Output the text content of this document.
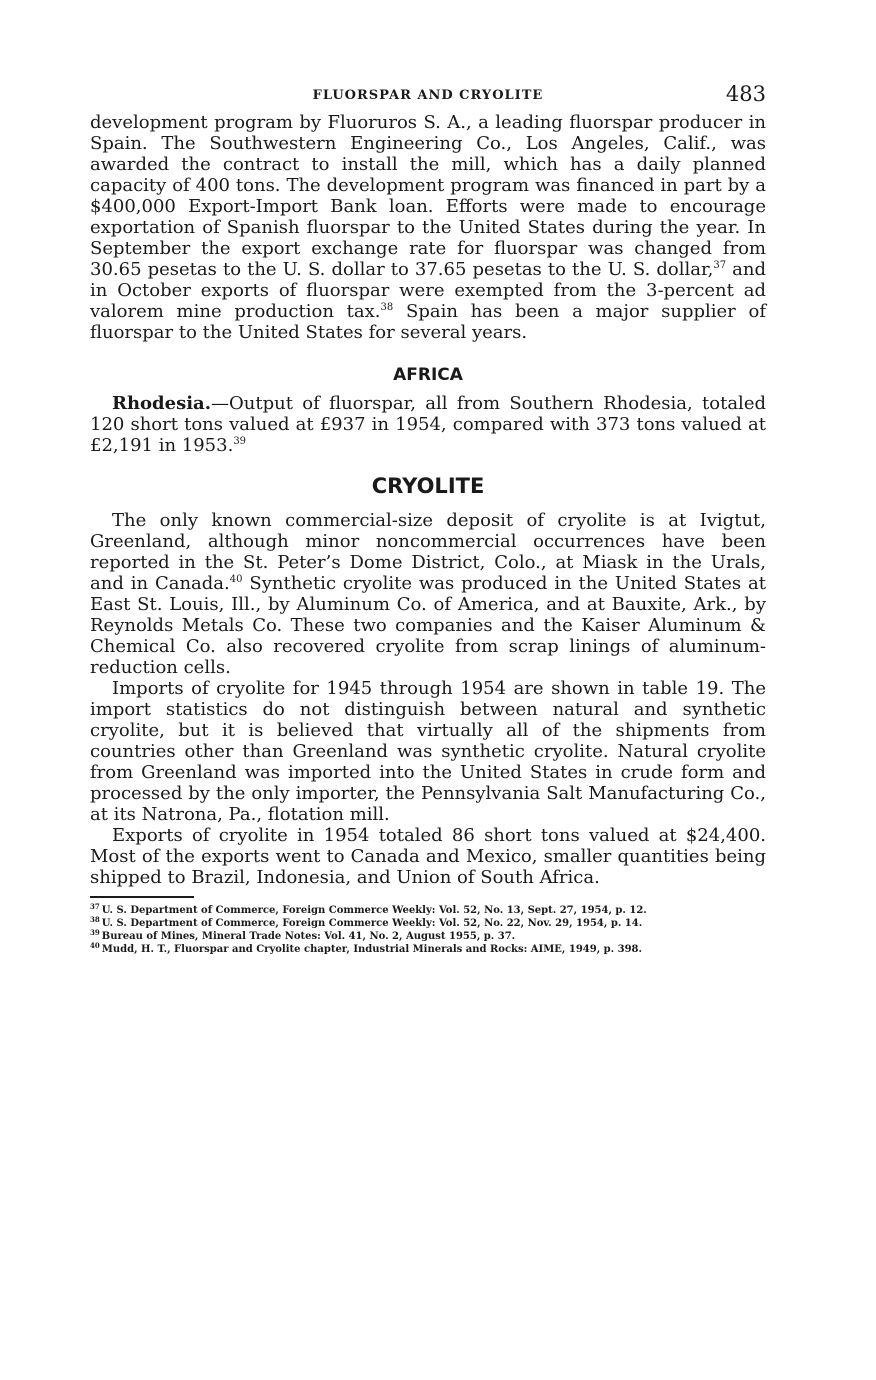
FLUORSPAR AND CRYOLITE	483

development program by Fluoruros S. A., a leading fluorspar producer in Spain. The Southwestern Engineering Co., Los Angeles, Calif., was awarded the contract to install the mill, which has a daily planned capacity of 400 tons. The development program was financed in part by a $400,000 Export-Import Bank loan. Efforts were made to encourage exportation of Spanish fluorspar to the United States during the year. In September the export exchange rate for fluorspar was changed from 30.65 pesetas to the U. S. dollar to 37.65 pesetas to the U. S. dollar,$^{37}$ and in October exports of fluorspar were exempted from the 3-percent ad valorem mine production tax.$^{38}$ Spain has been a major supplier of fluorspar to the United States for several years.

AFRICA

Rhodesia.—Output of fluorspar, all from Southern Rhodesia, totaled 120 short tons valued at £937 in 1954, compared with 373 tons valued at £2,191 in 1953.39

CRYOLITE

The only known commercial-size deposit of cryolite is at Ivigtut, Greenland, although minor noncommercial occurrences have been reported in the St. Peter’s Dome District, Colo., at Miask in the Urals, and in Canada.$^{40}$ Synthetic cryolite was produced in the United States at East St. Louis, Ill., by Aluminum Co. of America, and at Bauxite, Ark., by Reynolds Metals Co. These two companies and the Kaiser Aluminum & Chemical Co. also recovered cryolite from scrap linings of aluminum-reduction cells.

Imports of cryolite for 1945 through 1954 are shown in table 19. The import statistics do not distinguish between natural and synthetic cryolite, but it is believed that virtually all of the shipments from countries other than Greenland was synthetic cryolite. Natural cryolite from Greenland was imported into the United States in crude form and processed by the only importer, the Pennsylvania Salt Manufacturing Co., at its Natrona, Pa., flotation mill.

Exports of cryolite in 1954 totaled 86 short tons valued at $24,400. Most of the exports went to Canada and Mexico, smaller quantities being shipped to Brazil, Indonesia, and Union of South Africa.

$^{37}$ U. S. Department of Commerce, Foreign Commerce Weekly: Vol. 52, No. 13, Sept. 27, 1954, p. 12.
$^{38}$ U. S. Department of Commerce, Foreign Commerce Weekly: Vol. 52, No. 22, Nov. 29, 1954, p. 14.
$^{39}$ Bureau of Mines, Mineral Trade Notes: Vol. 41, No. 2, August 1955, p. 37.
$^{40}$ Mudd, H. T., Fluorspar and Cryolite chapter, Industrial Minerals and Rocks: AIME, 1949, p. 398.
